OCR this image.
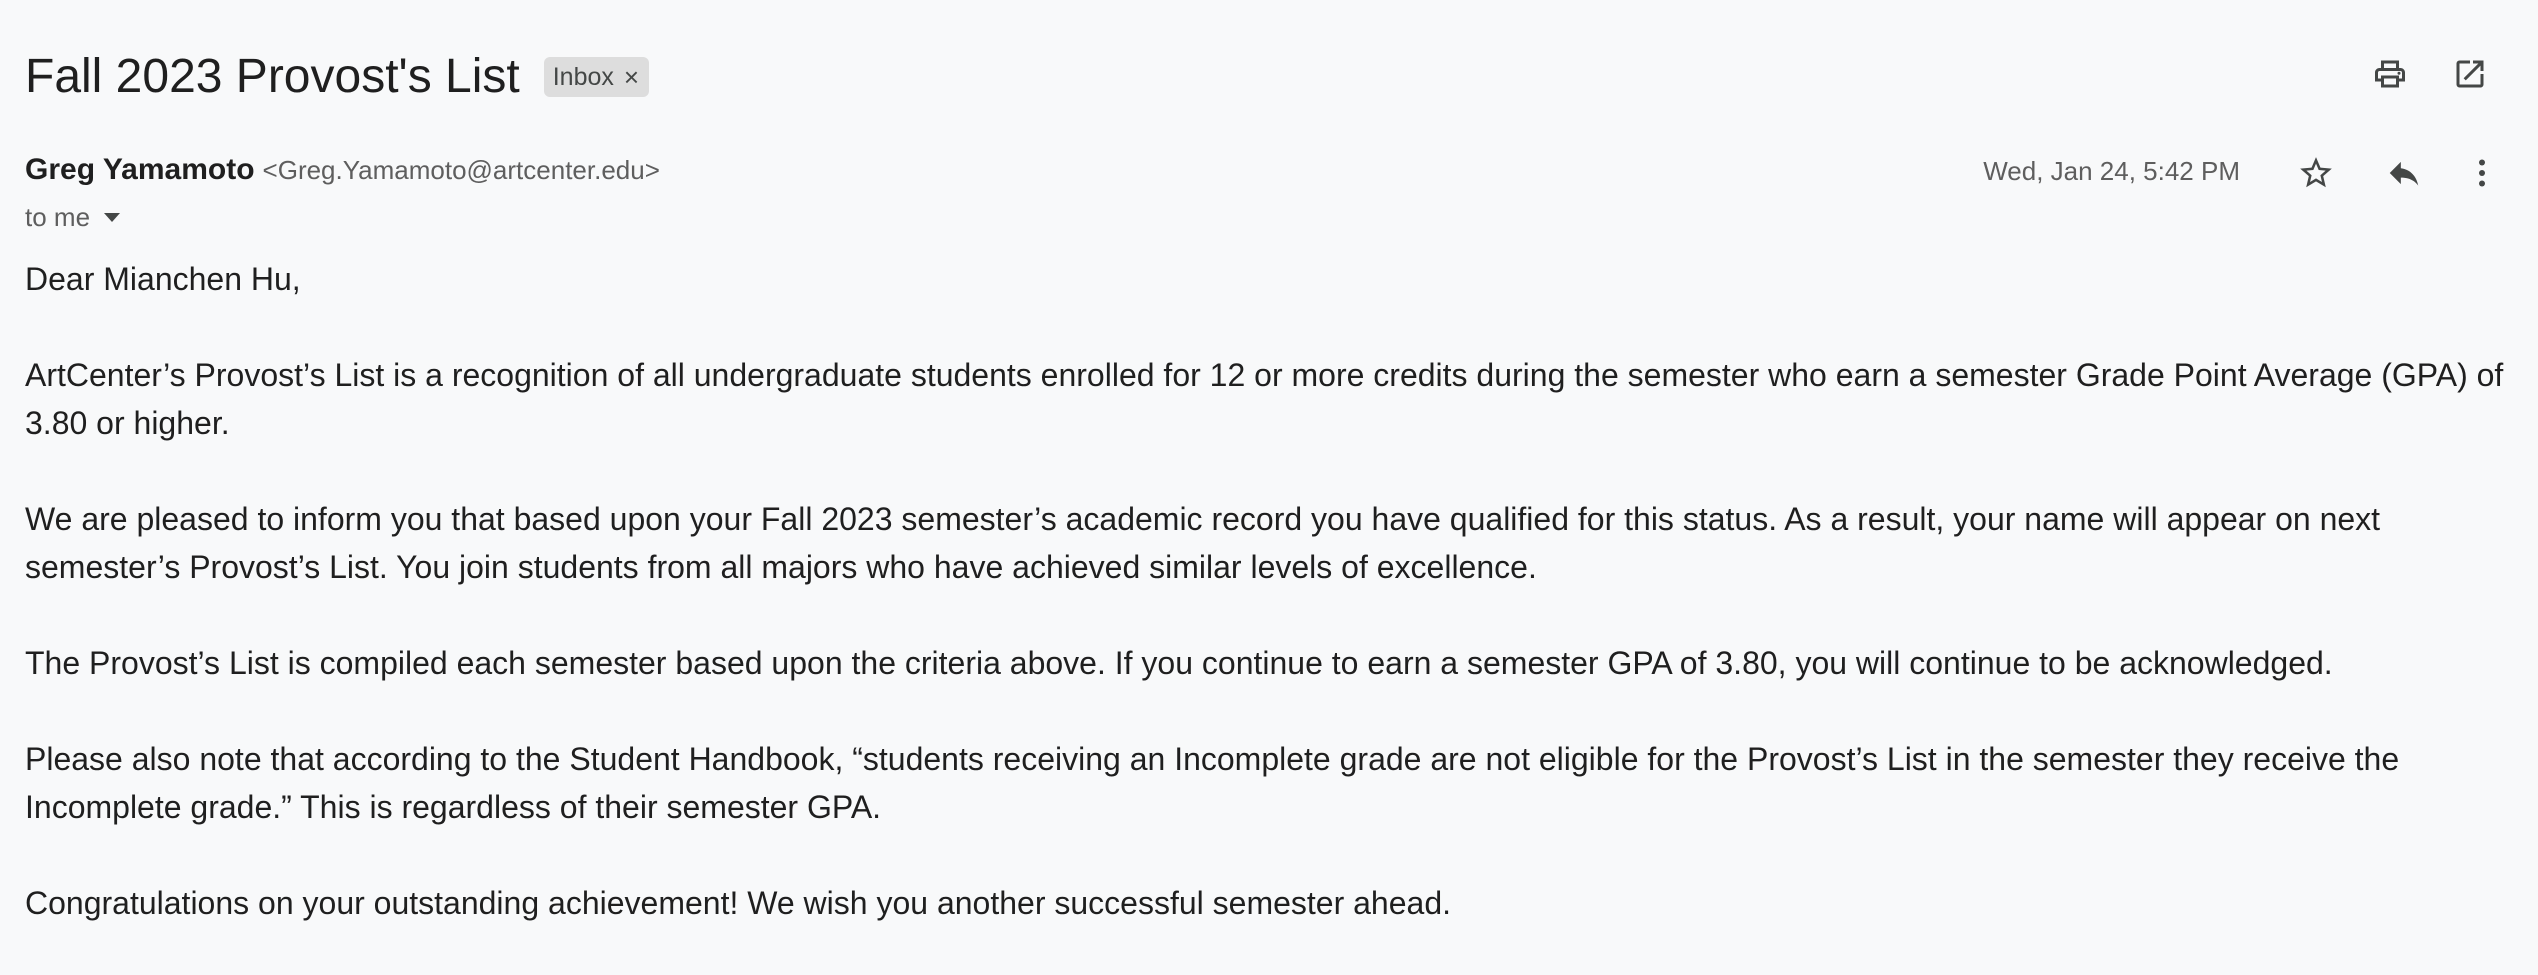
Fall 2023 Provost's List Inbox ×
Greg Yamamoto <Greg.Yamamoto@artcenter.edu>
to me
Wed, Jan 24, 5:42 PM

Dear Mianchen Hu,

ArtCenter’s Provost’s List is a recognition of all undergraduate students enrolled for 12 or more credits during the semester who earn a semester Grade Point Average (GPA) of 3.80 or higher.

We are pleased to inform you that based upon your Fall 2023 semester’s academic record you have qualified for this status. As a result, your name will appear on next semester’s Provost’s List. You join students from all majors who have achieved similar levels of excellence.

The Provost’s List is compiled each semester based upon the criteria above. If you continue to earn a semester GPA of 3.80, you will continue to be acknowledged.

Please also note that according to the Student Handbook, “students receiving an Incomplete grade are not eligible for the Provost’s List in the semester they receive the Incomplete grade.” This is regardless of their semester GPA.

Congratulations on your outstanding achievement! We wish you another successful semester ahead.
